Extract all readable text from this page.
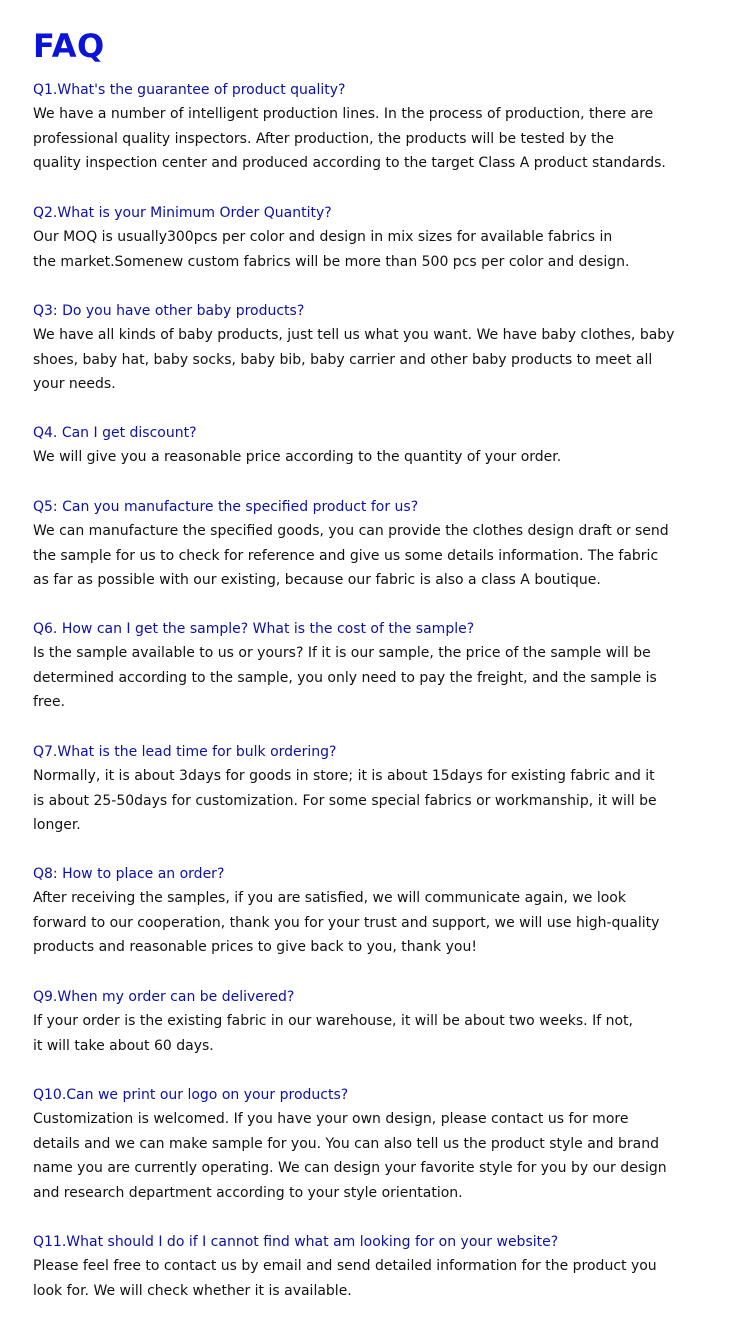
FAQ

Q1.What's the guarantee of product quality?

We have a number of intelligent production lines. In the process of production, there are
professional quality inspectors. After production, the products will be tested by the
quality inspection center and produced according to the target Class A product standards.

Q2.What is your Minimum Order Quantity?

Our MOQ is usually300pcs per color and design in mix sizes for available fabrics in
the market.Somenew custom fabrics will be more than 500 pcs per color and design.

Q3: Do you have other baby products?

We have all kinds of baby products, just tell us what you want. We have baby clothes, baby
shoes, baby hat, baby socks, baby bib, baby carrier and other baby products to meet all
your needs.

Q4. Can I get discount?

We will give you a reasonable price according to the quantity of your order.

Q5: Can you manufacture the specified product for us?

We can manufacture the specified goods, you can provide the clothes design draft or send
the sample for us to check for reference and give us some details information. The fabric
as far as possible with our existing, because our fabric is also a class A boutique.

Q6. How can I get the sample? What is the cost of the sample?

Is the sample available to us or yours? If it is our sample, the price of the sample will be
determined according to the sample, you only need to pay the freight, and the sample is
free.

Q7.What is the lead time for bulk ordering?

Normally, it is about 3days for goods in store; it is about 15days for existing fabric and it
is about 25-50days for customization. For some special fabrics or workmanship, it will be
longer.

Q8: How to place an order?

After receiving the samples, if you are satisfied, we will communicate again, we look
forward to our cooperation, thank you for your trust and support, we will use high-quality
products and reasonable prices to give back to you, thank you!

Q9.When my order can be delivered?

If your order is the existing fabric in our warehouse, it will be about two weeks. If not,
it will take about 60 days.

Q10.Can we print our logo on your products?

Customization is welcomed. If you have your own design, please contact us for more
details and we can make sample for you. You can also tell us the product style and brand
name you are currently operating. We can design your favorite style for you by our design
and research department according to your style orientation.

Q11.What should I do if I cannot find what am looking for on your website?

Please feel free to contact us by email and send detailed information for the product you
look for. We will check whether it is available.
